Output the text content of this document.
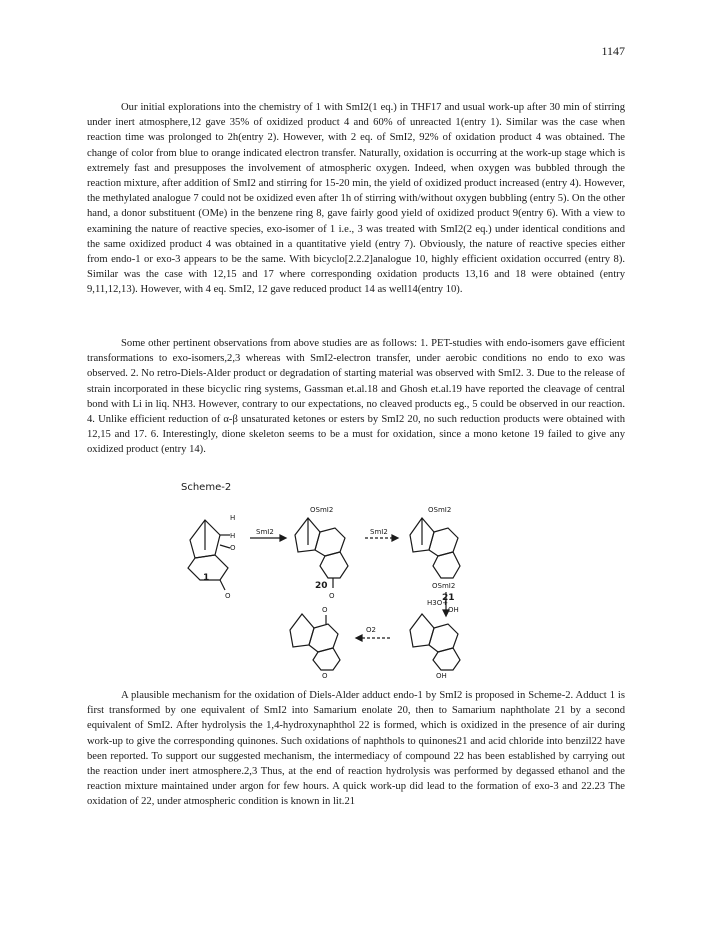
1147

Our initial explorations into the chemistry of 1 with SmI2(1 eq.) in THF17 and usual work-up after 30 min of stirring under inert atmosphere,12 gave 35% of oxidized product 4 and 60% of unreacted 1(entry 1). Similar was the case when reaction time was prolonged to 2h(entry 2). However, with 2 eq. of SmI2, 92% of oxidation product 4 was obtained. The change of color from blue to orange indicated electron transfer. Naturally, oxidation is occurring at the work-up stage which is extremely fast and presupposes the involvement of atmospheric oxygen. Indeed, when oxygen was bubbled through the reaction mixture, after addition of SmI2 and stirring for 15-20 min, the yield of oxidized product increased (entry 4). However, the methylated analogue 7 could not be oxidized even after 1h of stirring with/without oxygen bubbling (entry 5). On the other hand, a donor substituent (OMe) in the benzene ring 8, gave fairly good yield of oxidized product 9(entry 6). With a view to examining the nature of reactive species, exo-isomer of 1 i.e., 3 was treated with SmI2(2 eq.) under identical conditions and the same oxidized product 4 was obtained in a quantitative yield (entry 7). Obviously, the nature of reactive species either from endo-1 or exo-3 appears to be the same. With bicyclo[2.2.2]analogue 10, highly efficient oxidation occurred (entry 8). Similar was the case with 12,15 and 17 where corresponding oxidation products 13,16 and 18 were obtained (entry 9,11,12,13). However, with 4 eq. SmI2, 12 gave reduced product 14 as well14(entry 10).

Some other pertinent observations from above studies are as follows: 1. PET-studies with endo-isomers gave efficient transformations to exo-isomers,2,3 whereas with SmI2-electron transfer, under aerobic conditions no endo to exo was observed. 2. No retro-Diels-Alder product or degradation of starting material was observed with SmI2. 3. Due to the release of strain incorporated in these bicyclic ring systems, Gassman et.al.18 and Ghosh et.al.19 have reported the cleavage of central bond with Li in liq. NH3. However, contrary to our expectations, no cleaved products eg., 5 could be observed in our reaction. 4. Unlike efficient reduction of α-β unsaturated ketones or esters by SmI2 20, no such reduction products were obtained with 12,15 and 17. 6. Interestingly, dione skeleton seems to be a must for oxidation, since a mono ketone 19 failed to give any oxidized product (entry 14).

Scheme-2
SmI2	SmI2
H3O+
O2
H
H
O
O
OSmI2
O
OSmI2
OSmI2
OH
OH
O
O
1
20
21

A plausible mechanism for the oxidation of Diels-Alder adduct endo-1 by SmI2 is proposed in Scheme-2. Adduct 1 is first transformed by one equivalent of SmI2 into Samarium enolate 20, then to Samarium naphtholate 21 by a second equivalent of SmI2. After hydrolysis the 1,4-hydroxynaphthol 22 is formed, which is oxidized in the presence of air during work-up to give the corresponding quinones. Such oxidations of naphthols to quinones21 and acid chloride into benzil22 have been reported. To support our suggested mechanism, the intermediacy of compound 22 has been established by carrying out the reaction under inert atmosphere.2,3 Thus, at the end of reaction hydrolysis was performed by degassed ethanol and the reaction mixture maintained under argon for few hours. A quick work-up did lead to the formation of exo-3 and 22.23 The oxidation of 22, under atmospheric condition is known in lit.21
